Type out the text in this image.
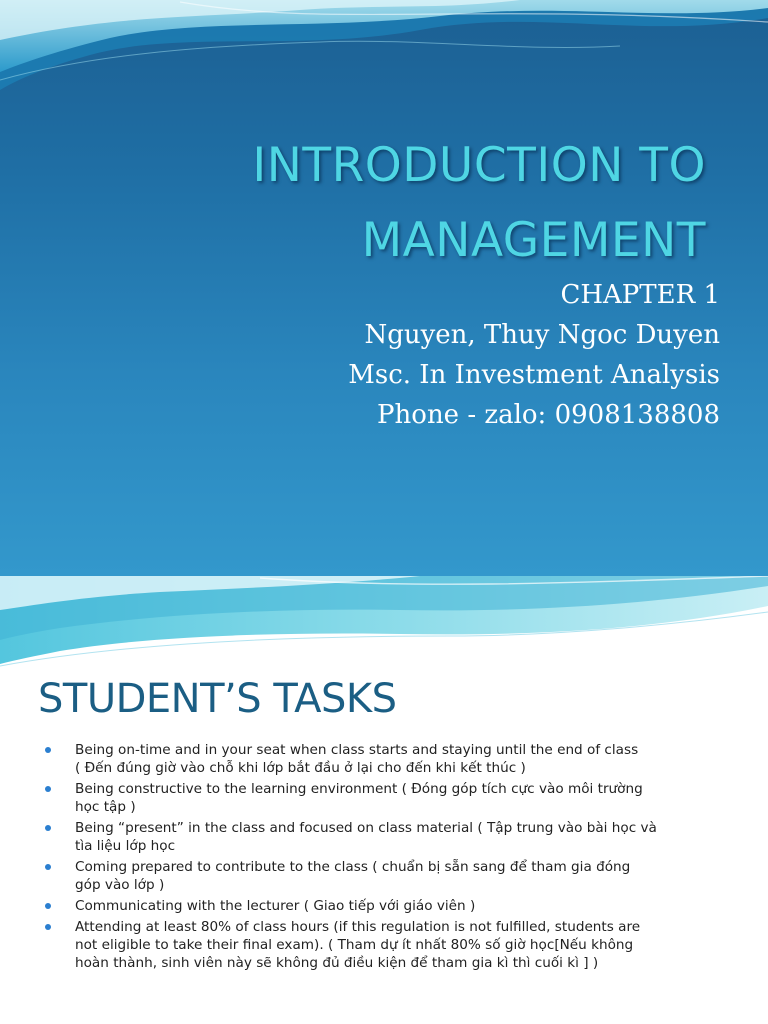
INTRODUCTION TO
MANAGEMENT
CHAPTER 1
Nguyen, Thuy Ngoc Duyen
Msc. In Investment Analysis
Phone - zalo: 0908138808
STUDENT’S TASKS
Being on-time and in your seat when class starts and staying until the end of class
( Đến đúng giờ vào chỗ khi lớp bắt đầu ở lại cho đến khi kết thúc )
Being constructive to the learning environment ( Đóng góp tích cực vào môi trường
học tập )
Being “present” in the class and focused on class material ( Tập trung vào bài học và
tìa liệu lớp học
Coming prepared to contribute to the class ( chuẩn bị sẵn sang để tham gia đóng
góp vào lớp )
Communicating with the lecturer ( Giao tiếp với giáo viên )
Attending at least 80% of class hours (if this regulation is not fulfilled, students are
not eligible to take their final exam). ( Tham dự ít nhất 80% số giờ học[Nếu không
hoàn thành, sinh viên này sẽ không đủ điều kiện để tham gia kì thì cuối kì ] )
